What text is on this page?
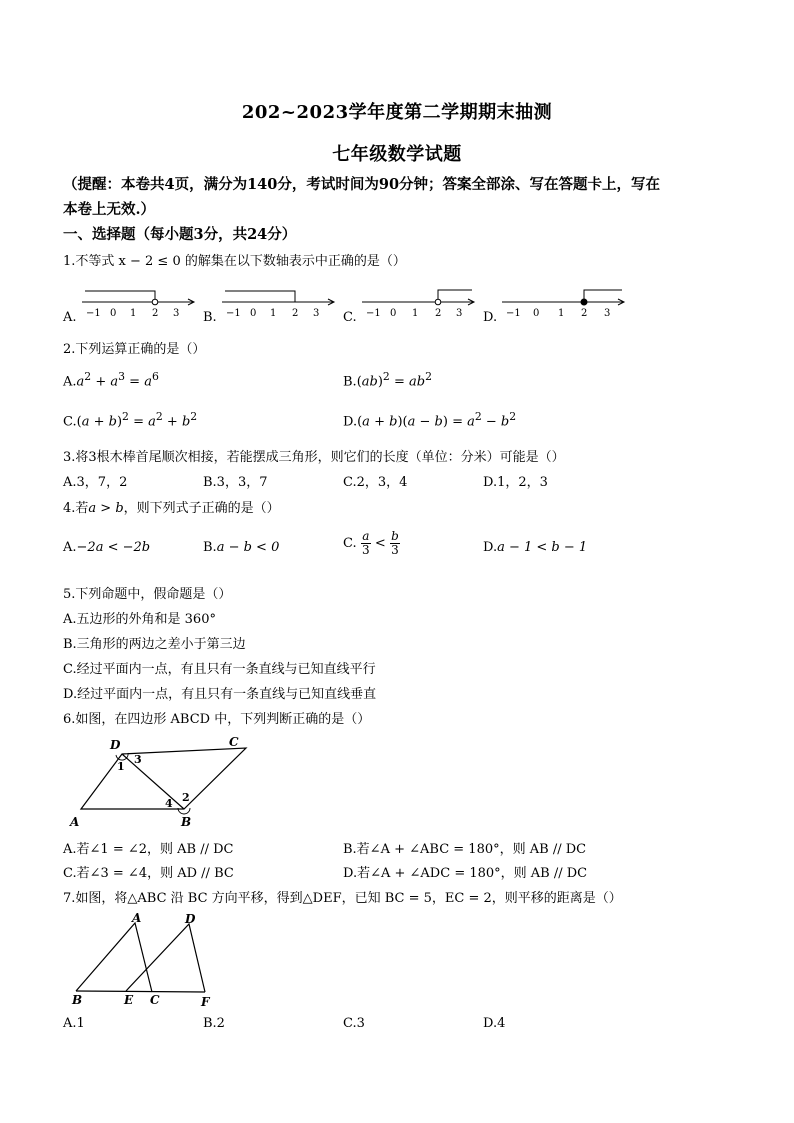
202~2023学年度第二学期期末抽测
七年级数学试题
（提醒：本卷共4页，满分为140分，考试时间为90分钟；答案全部涂、写在答题卡上，写在
本卷上无效.）
一、选择题（每小题3分，共24分）
1.不等式 x − 2 ≤ 0 的解集在以下数轴表示中正确的是（）
A.	B.	C.	D.
−1 0 1 2 3	−1 0 1 2 3	−1 0 1 2 3	−1 0 1 2 3
2.下列运算正确的是（）
$A.a^2 + a^3 = a^6$	$B.(ab)^2 = ab^2$
$C.(a + b)^2 = a^2 + b^2$	$D.(a + b)(a - b) = a^2 - b^2$
3.将3根木棒首尾顺次相接，若能摆成三角形，则它们的长度（单位：分米）可能是（）
A.3，7，2	B.3，3，7	C.2，3，4	D.1，2，3
4.若a > b，则下列式子正确的是（）
A.−2a < −2b	B.a − b < 0	C. $\frac{a}{3} < \frac{b}{3}$	D.a − 1 < b − 1
5.下列命题中，假命题是（）
A.五边形的外角和是 360°
B.三角形的两边之差小于第三边
C.经过平面内一点，有且只有一条直线与已知直线平行
D.经过平面内一点，有且只有一条直线与已知直线垂直
6.如图，在四边形 ABCD 中，下列判断正确的是（）
A	B
C
D
1
3
2
4
A.若∠1 = ∠2，则 AB // DC	B.若∠A + ∠ABC = 180°，则 AB // DC
C.若∠3 = ∠4，则 AD // BC	D.若∠A + ∠ADC = 180°，则 AB // DC
7.如图，将△ABC 沿 BC 方向平移，得到△DEF，已知 BC = 5，EC = 2，则平移的距离是（）
A	D
B	E C	F
A.1	B.2	C.3	D.4
